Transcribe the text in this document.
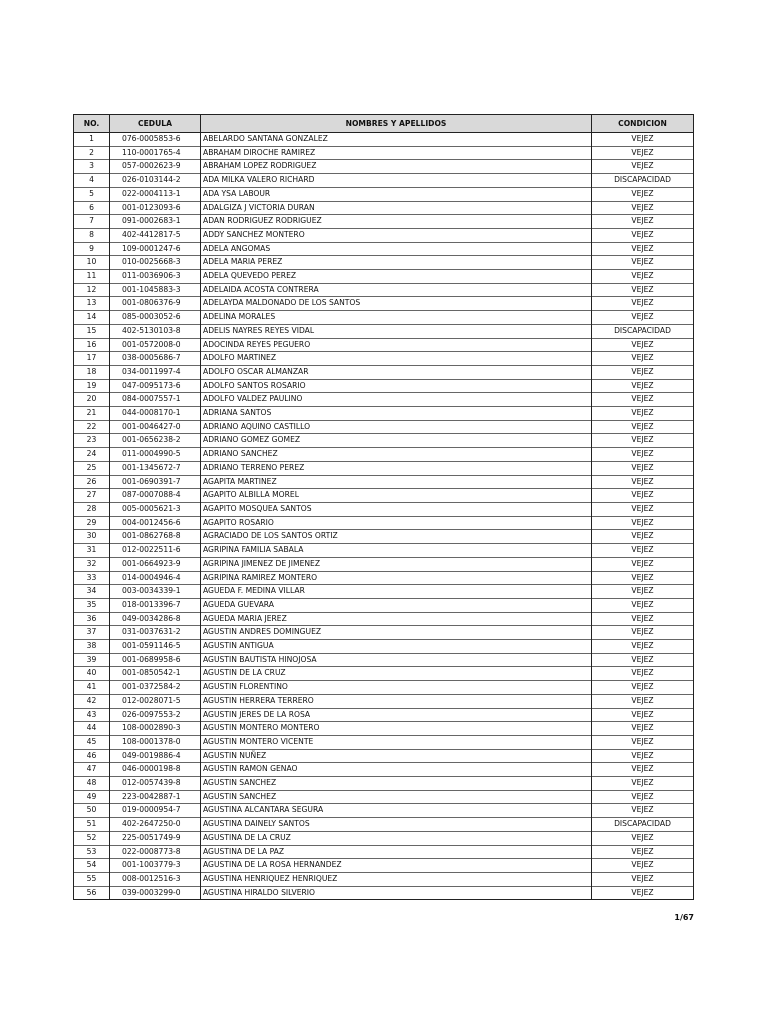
NO.	CEDULA	NOMBRES Y APELLIDOS	CONDICION
1	076-0005853-6	ABELARDO SANTANA GONZALEZ	VEJEZ
2	110-0001765-4	ABRAHAM DIROCHE RAMIREZ	VEJEZ
3	057-0002623-9	ABRAHAM LOPEZ RODRIGUEZ	VEJEZ
4	026-0103144-2	ADA MILKA VALERO RICHARD	DISCAPACIDAD
5	022-0004113-1	ADA YSA LABOUR	VEJEZ
6	001-0123093-6	ADALGIZA J VICTORIA DURAN	VEJEZ
7	091-0002683-1	ADAN RODRIGUEZ RODRIGUEZ	VEJEZ
8	402-4412817-5	ADDY SANCHEZ MONTERO	VEJEZ
9	109-0001247-6	ADELA ANGOMAS	VEJEZ
10	010-0025668-3	ADELA MARIA PEREZ	VEJEZ
11	011-0036906-3	ADELA QUEVEDO PEREZ	VEJEZ
12	001-1045883-3	ADELAIDA ACOSTA CONTRERA	VEJEZ
13	001-0806376-9	ADELAYDA MALDONADO DE LOS SANTOS	VEJEZ
14	085-0003052-6	ADELINA MORALES	VEJEZ
15	402-5130103-8	ADELIS NAYRES REYES VIDAL	DISCAPACIDAD
16	001-0572008-0	ADOCINDA REYES PEGUERO	VEJEZ
17	038-0005686-7	ADOLFO MARTINEZ	VEJEZ
18	034-0011997-4	ADOLFO OSCAR ALMANZAR	VEJEZ
19	047-0095173-6	ADOLFO SANTOS ROSARIO	VEJEZ
20	084-0007557-1	ADOLFO VALDEZ PAULINO	VEJEZ
21	044-0008170-1	ADRIANA SANTOS	VEJEZ
22	001-0046427-0	ADRIANO AQUINO CASTILLO	VEJEZ
23	001-0656238-2	ADRIANO GOMEZ GOMEZ	VEJEZ
24	011-0004990-5	ADRIANO SANCHEZ	VEJEZ
25	001-1345672-7	ADRIANO TERRENO PEREZ	VEJEZ
26	001-0690391-7	AGAPITA MARTINEZ	VEJEZ
27	087-0007088-4	AGAPITO ALBILLA MOREL	VEJEZ
28	005-0005621-3	AGAPITO MOSQUEA SANTOS	VEJEZ
29	004-0012456-6	AGAPITO ROSARIO	VEJEZ
30	001-0862768-8	AGRACIADO DE LOS SANTOS ORTIZ	VEJEZ
31	012-0022511-6	AGRIPINA FAMILIA SABALA	VEJEZ
32	001-0664923-9	AGRIPINA JIMENEZ DE JIMENEZ	VEJEZ
33	014-0004946-4	AGRIPINA RAMIREZ MONTERO	VEJEZ
34	003-0034339-1	AGUEDA F. MEDINA VILLAR	VEJEZ
35	018-0013396-7	AGUEDA GUEVARA	VEJEZ
36	049-0034286-8	AGUEDA MARIA JEREZ	VEJEZ
37	031-0037631-2	AGUSTIN ANDRES DOMINGUEZ	VEJEZ
38	001-0591146-5	AGUSTIN ANTIGUA	VEJEZ
39	001-0689958-6	AGUSTIN BAUTISTA HINOJOSA	VEJEZ
40	001-0850542-1	AGUSTIN DE LA CRUZ	VEJEZ
41	001-0372584-2	AGUSTIN FLORENTINO	VEJEZ
42	012-0028071-5	AGUSTIN HERRERA TERRERO	VEJEZ
43	026-0097553-2	AGUSTIN JERES DE LA ROSA	VEJEZ
44	108-0002890-3	AGUSTIN MONTERO MONTERO	VEJEZ
45	108-0001378-0	AGUSTIN MONTERO VICENTE	VEJEZ
46	049-0019886-4	AGUSTIN NUÑEZ	VEJEZ
47	046-0000198-8	AGUSTIN RAMON GENAO	VEJEZ
48	012-0057439-8	AGUSTIN SANCHEZ	VEJEZ
49	223-0042887-1	AGUSTIN SANCHEZ	VEJEZ
50	019-0000954-7	AGUSTINA ALCANTARA SEGURA	VEJEZ
51	402-2647250-0	AGUSTINA DAINELY SANTOS	DISCAPACIDAD
52	225-0051749-9	AGUSTINA DE LA CRUZ	VEJEZ
53	022-0008773-8	AGUSTINA DE LA PAZ	VEJEZ
54	001-1003779-3	AGUSTINA DE LA ROSA HERNANDEZ	VEJEZ
55	008-0012516-3	AGUSTINA HENRIQUEZ HENRIQUEZ	VEJEZ
56	039-0003299-0	AGUSTINA HIRALDO SILVERIO	VEJEZ
1/67
